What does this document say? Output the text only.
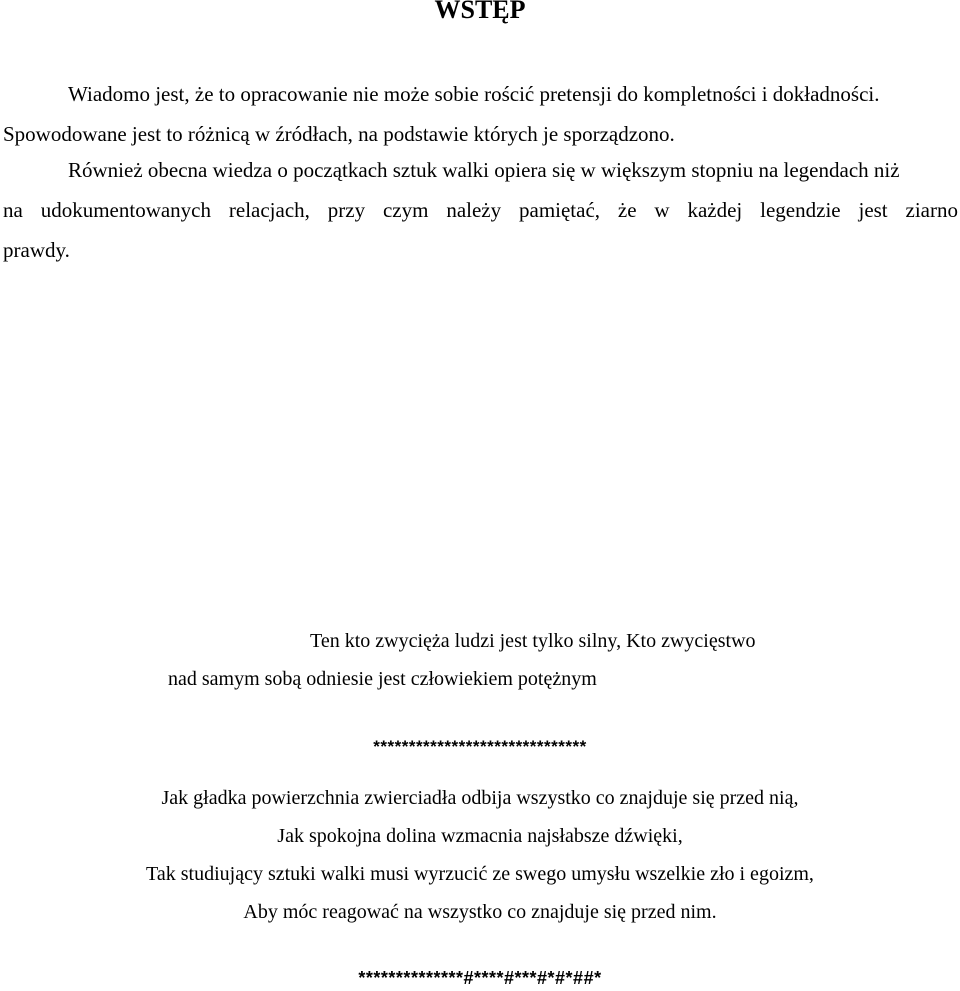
WSTĘP
Wiadomo jest, że to opracowanie nie może sobie rościć pretensji do kompletności i dokładności.
Spowodowane jest to różnicą w źródłach, na podstawie których je sporządzono.
Również obecna wiedza o początkach sztuk walki opiera się w większym stopniu na legendach niż
na udokumentowanych relacjach, przy czym należy pamiętać, że w każdej legendzie jest ziarno
prawdy.
Ten kto zwycięża ludzi jest tylko silny, Kto zwycięstwo
nad samym sobą odniesie jest człowiekiem potężnym
******************************
Jak gładka powierzchnia zwierciadła odbija wszystko co znajduje się przed nią,
Jak spokojna dolina wzmacnia najsłabsze dźwięki,
Tak studiujący sztuki walki musi wyrzucić ze swego umysłu wszelkie zło i egoizm,
Aby móc reagować na wszystko co znajduje się przed nim.
**************#****#***#*#*##*
